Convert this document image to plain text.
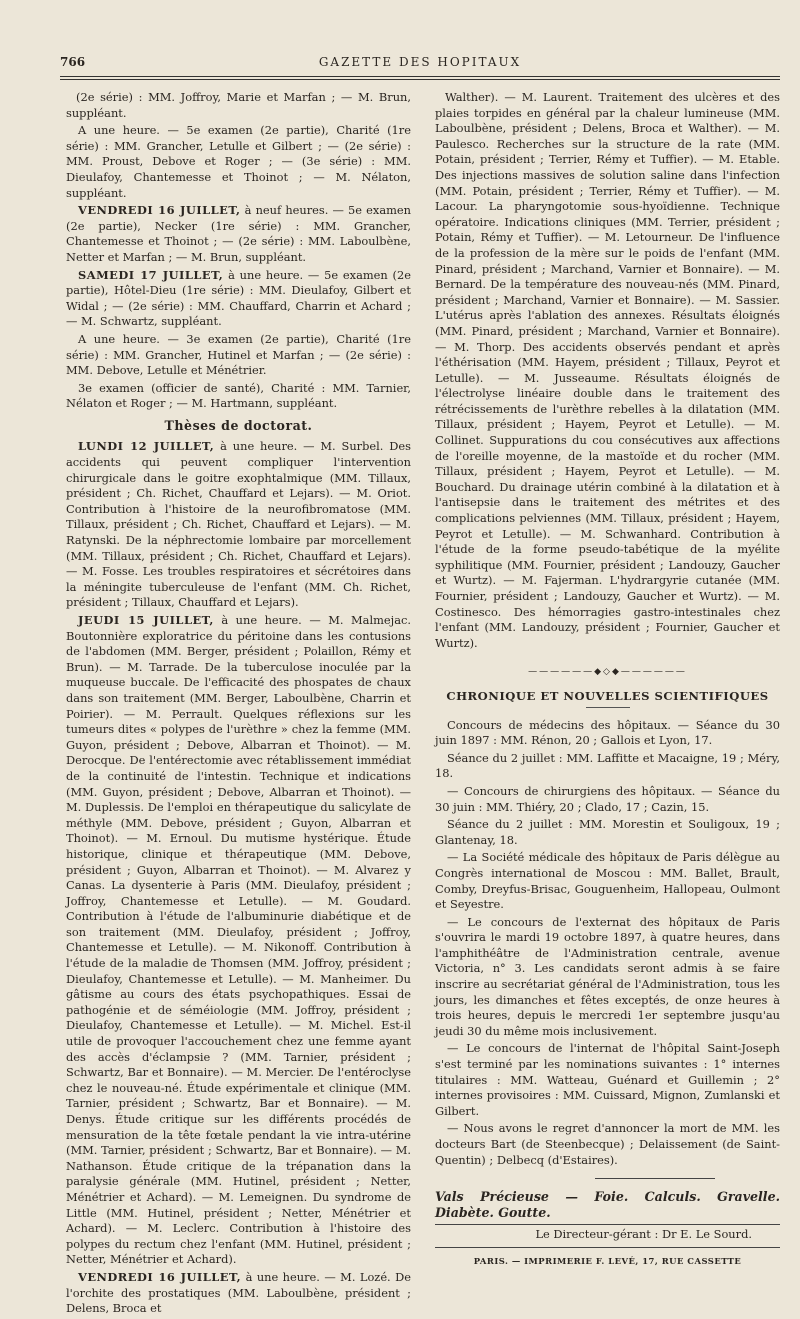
766	GAZETTE DES HOPITAUX

(2e série) : MM. Joffroy, Marie et Marfan ; — M. Brun, suppléant.

A une heure. — 5e examen (2e partie), Charité (1re série) : MM. Grancher, Letulle et Gilbert ; — (2e série) : MM. Proust, Debove et Roger ; — (3e série) : MM. Dieulafoy, Chantemesse et Thoinot ; — M. Nélaton, suppléant.

VENDREDI 16 JUILLET, à neuf heures. — 5e examen (2e partie), Necker (1re série) : MM. Grancher, Chantemesse et Thoinot ; — (2e série) : MM. Laboulbène, Netter et Marfan ; — M. Brun, suppléant.

SAMEDI 17 JUILLET, à une heure. — 5e examen (2e partie), Hôtel-Dieu (1re série) : MM. Dieulafoy, Gilbert et Widal ; — (2e série) : MM. Chauffard, Charrin et Achard ; — M. Schwartz, suppléant.

A une heure. — 3e examen (2e partie), Charité (1re série) : MM. Grancher, Hutinel et Marfan ; — (2e série) : MM. Debove, Letulle et Ménétrier.

3e examen (officier de santé), Charité : MM. Tarnier, Nélaton et Roger ; — M. Hartmann, suppléant.

Thèses de doctorat.

LUNDI 12 JUILLET, à une heure. — M. Surbel. Des accidents qui peuvent compliquer l'intervention chirurgicale dans le goitre exophtalmique (MM. Tillaux, président ; Ch. Richet, Chauffard et Lejars). — M. Oriot. Contribution à l'histoire de la neurofibromatose (MM. Tillaux, président ; Ch. Richet, Chauffard et Lejars). — M. Ratynski. De la néphrectomie lombaire par morcellement (MM. Tillaux, président ; Ch. Richet, Chauffard et Lejars). — M. Fosse. Les troubles respiratoires et sécrétoires dans la méningite tuberculeuse de l'enfant (MM. Ch. Richet, président ; Tillaux, Chauffard et Lejars).

JEUDI 15 JUILLET, à une heure. — M. Malmejac. Boutonnière exploratrice du péritoine dans les contusions de l'abdomen (MM. Berger, président ; Polaillon, Rémy et Brun). — M. Tarrade. De la tuberculose inoculée par la muqueuse buccale. De l'efficacité des phospates de chaux dans son traitement (MM. Berger, Laboulbène, Charrin et Poirier). — M. Perrault. Quelques réflexions sur les tumeurs dites « polypes de l'urèthre » chez la femme (MM. Guyon, président ; Debove, Albarran et Thoinot). — M. Derocque. De l'entérectomie avec rétablissement immédiat de la continuité de l'intestin. Technique et indications (MM. Guyon, président ; Debove, Albarran et Thoinot). — M. Duplessis. De l'emploi en thérapeutique du salicylate de méthyle (MM. Debove, président ; Guyon, Albarran et Thoinot). — M. Ernoul. Du mutisme hystérique. Étude historique, clinique et thérapeutique (MM. Debove, président ; Guyon, Albarran et Thoinot). — M. Alvarez y Canas. La dysenterie à Paris (MM. Dieulafoy, président ; Joffroy, Chantemesse et Letulle). — M. Goudard. Contribution à l'étude de l'albuminurie diabétique et de son traitement (MM. Dieulafoy, président ; Joffroy, Chantemesse et Letulle). — M. Nikonoff. Contribution à l'étude de la maladie de Thomsen (MM. Joffroy, président ; Dieulafoy, Chantemesse et Letulle). — M. Manheimer. Du gâtisme au cours des états psychopathiques. Essai de pathogénie et de séméiologie (MM. Joffroy, président ; Dieulafoy, Chantemesse et Letulle). — M. Michel. Est-il utile de provoquer l'accouchement chez une femme ayant des accès d'éclampsie ? (MM. Tarnier, président ; Schwartz, Bar et Bonnaire). — M. Mercier. De l'entéroclyse chez le nouveau-né. Étude expérimentale et clinique (MM. Tarnier, président ; Schwartz, Bar et Bonnaire). — M. Denys. Étude critique sur les différents procédés de mensuration de la tête fœtale pendant la vie intra-utérine (MM. Tarnier, président ; Schwartz, Bar et Bonnaire). — M. Nathanson. Étude critique de la trépanation dans la paralysie générale (MM. Hutinel, président ; Netter, Ménétrier et Achard). — M. Lemeignen. Du syndrome de Little (MM. Hutinel, président ; Netter, Ménétrier et Achard). — M. Leclerc. Contribution à l'histoire des polypes du rectum chez l'enfant (MM. Hutinel, président ; Netter, Ménétrier et Achard).

VENDREDI 16 JUILLET, à une heure. — M. Lozé. De l'orchite des prostatiques (MM. Laboulbène, président ; Delens, Broca et

Walther). — M. Laurent. Traitement des ulcères et des plaies torpides en général par la chaleur lumineuse (MM. Laboulbène, président ; Delens, Broca et Walther). — M. Paulesco. Recherches sur la structure de la rate (MM. Potain, président ; Terrier, Rémy et Tuffier). — M. Etable. Des injections massives de solution saline dans l'infection (MM. Potain, président ; Terrier, Rémy et Tuffier). — M. Lacour. La pharyngotomie sous-hyoïdienne. Technique opératoire. Indications cliniques (MM. Terrier, président ; Potain, Rémy et Tuffier). — M. Letourneur. De l'influence de la profession de la mère sur le poids de l'enfant (MM. Pinard, président ; Marchand, Varnier et Bonnaire). — M. Bernard. De la température des nouveau-nés (MM. Pinard, président ; Marchand, Varnier et Bonnaire). — M. Sassier. L'utérus après l'ablation des annexes. Résultats éloignés (MM. Pinard, président ; Marchand, Varnier et Bonnaire). — M. Thorp. Des accidents observés pendant et après l'éthérisation (MM. Hayem, président ; Tillaux, Peyrot et Letulle). — M. Jusseaume. Résultats éloignés de l'électrolyse linéaire double dans le traitement des rétrécissements de l'urèthre rebelles à la dilatation (MM. Tillaux, président ; Hayem, Peyrot et Letulle). — M. Collinet. Suppurations du cou consécutives aux affections de l'oreille moyenne, de la mastoïde et du rocher (MM. Tillaux, président ; Hayem, Peyrot et Letulle). — M. Bouchard. Du drainage utérin combiné à la dilatation et à l'antisepsie dans le traitement des métrites et des complications pelviennes (MM. Tillaux, président ; Hayem, Peyrot et Letulle). — M. Schwanhard. Contribution à l'étude de la forme pseudo-tabétique de la myélite syphilitique (MM. Fournier, président ; Landouzy, Gaucher et Wurtz). — M. Fajerman. L'hydrargyrie cutanée (MM. Fournier, président ; Landouzy, Gaucher et Wurtz). — M. Costinesco. Des hémorragies gastro-intestinales chez l'enfant (MM. Landouzy, président ; Fournier, Gaucher et Wurtz).

——————◆◇◆——————
CHRONIQUE ET NOUVELLES SCIENTIFIQUES

Concours de médecins des hôpitaux. — Séance du 30 juin 1897 : MM. Rénon, 20 ; Gallois et Lyon, 17.

Séance du 2 juillet : MM. Laffitte et Macaigne, 19 ; Méry, 18.

— Concours de chirurgiens des hôpitaux. — Séance du 30 juin : MM. Thiéry, 20 ; Clado, 17 ; Cazin, 15.

Séance du 2 juillet : MM. Morestin et Souligoux, 19 ; Glantenay, 18.

— La Société médicale des hôpitaux de Paris délègue au Congrès international de Moscou : MM. Ballet, Brault, Comby, Dreyfus-Brisac, Gouguenheim, Hallopeau, Oulmont et Seyestre.

— Le concours de l'externat des hôpitaux de Paris s'ouvrira le mardi 19 octobre 1897, à quatre heures, dans l'amphithéâtre de l'Administration centrale, avenue Victoria, n° 3. Les candidats seront admis à se faire inscrire au secrétariat général de l'Administration, tous les jours, les dimanches et fêtes exceptés, de onze heures à trois heures, depuis le mercredi 1er septembre jusqu'au jeudi 30 du même mois inclusivement.

— Le concours de l'internat de l'hôpital Saint-Joseph s'est terminé par les nominations suivantes : 1° internes titulaires : MM. Watteau, Guénard et Guillemin ; 2° internes provisoires : MM. Cuissard, Mignon, Zumlanski et Gilbert.

— Nous avons le regret d'annoncer la mort de MM. les docteurs Bart (de Steenbecque) ; Delaissement (de Saint-Quentin) ; Delbecq (d'Estaires).

Vals Précieuse — Foie. Calculs. Gravelle. Diabète. Goutte.

Le Directeur-gérant : Dr E. Le Sourd.

PARIS. — IMPRIMERIE F. LEVÉ, 17, RUE CASSETTE
